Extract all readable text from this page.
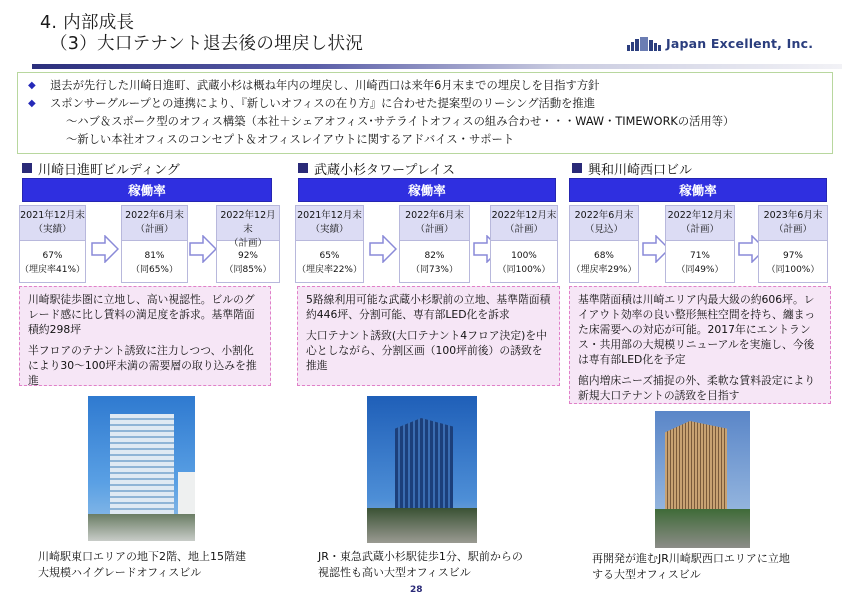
4. 内部成長
（3）大口テナント退去後の埋戻し状況	Japan Excellent, Inc.
◆	退去が先行した川崎日進町、武蔵小杉は概ね年内の埋戻し、川崎西口は来年6月末までの埋戻しを目指す方針
◆	スポンサーグループとの連携により、『新しいオフィスの在り方』に合わせた提案型のリーシング活動を推進
～ハブ＆スポーク型のオフィス構築（本社＋シェアオフィス･サテライトオフィスの組み合わせ・・・WAW・TIMEWORKの活用等）
～新しい本社オフィスのコンセプト＆オフィスレイアウトに関するアドバイス・サポート
川崎日進町ビルディング
稼働率
2021年12月末
（実績）
67%
（埋戻率41%）
2022年6月末
（計画）
81%
（同65%）
2022年12月末
（計画）
92%
（同85%）

川崎駅徒歩圏に立地し、高い視認性。ビルのグレード感に比し賃料の満足度を訴求。基準階面積約298坪

半フロアのテナント誘致に注力しつつ、小割化により30～100坪未満の需要層の取り込みを推進

川崎駅東口エリアの地下2階、地上15階建
大規模ハイグレードオフィスビル
武蔵小杉タワープレイス
稼働率
2021年12月末
（実績）
65%
（埋戻率22%）
2022年6月末
（計画）
82%
（同73%）
2022年12月末
（計画）
100%
（同100%）

5路線利用可能な武蔵小杉駅前の立地、基準階面積約446坪、分割可能、専有部LED化を訴求

大口テナント誘致(大口テナント4フロア決定)を中心としながら、分割区画（100坪前後）の誘致を推進

JR・東急武蔵小杉駅徒歩1分、駅前からの
視認性も高い大型オフィスビル
興和川崎西口ビル
稼働率
2022年6月末
（見込）
68%
（埋戻率29%）
2022年12月末
（計画）
71%
（同49%）
2023年6月末
（計画）
97%
（同100%）

基準階面積は川崎エリア内最大級の約606坪。レイアウト効率の良い整形無柱空間を持ち、纏まった床需要への対応が可能。2017年にエントランス・共用部の大規模リニューアルを実施し、今後は専有部LED化を予定

館内増床ニーズ捕捉の外、柔軟な賃料設定により新規大口テナントの誘致を目指す

再開発が進むJR川崎駅西口エリアに立地
する大型オフィスビル
28
